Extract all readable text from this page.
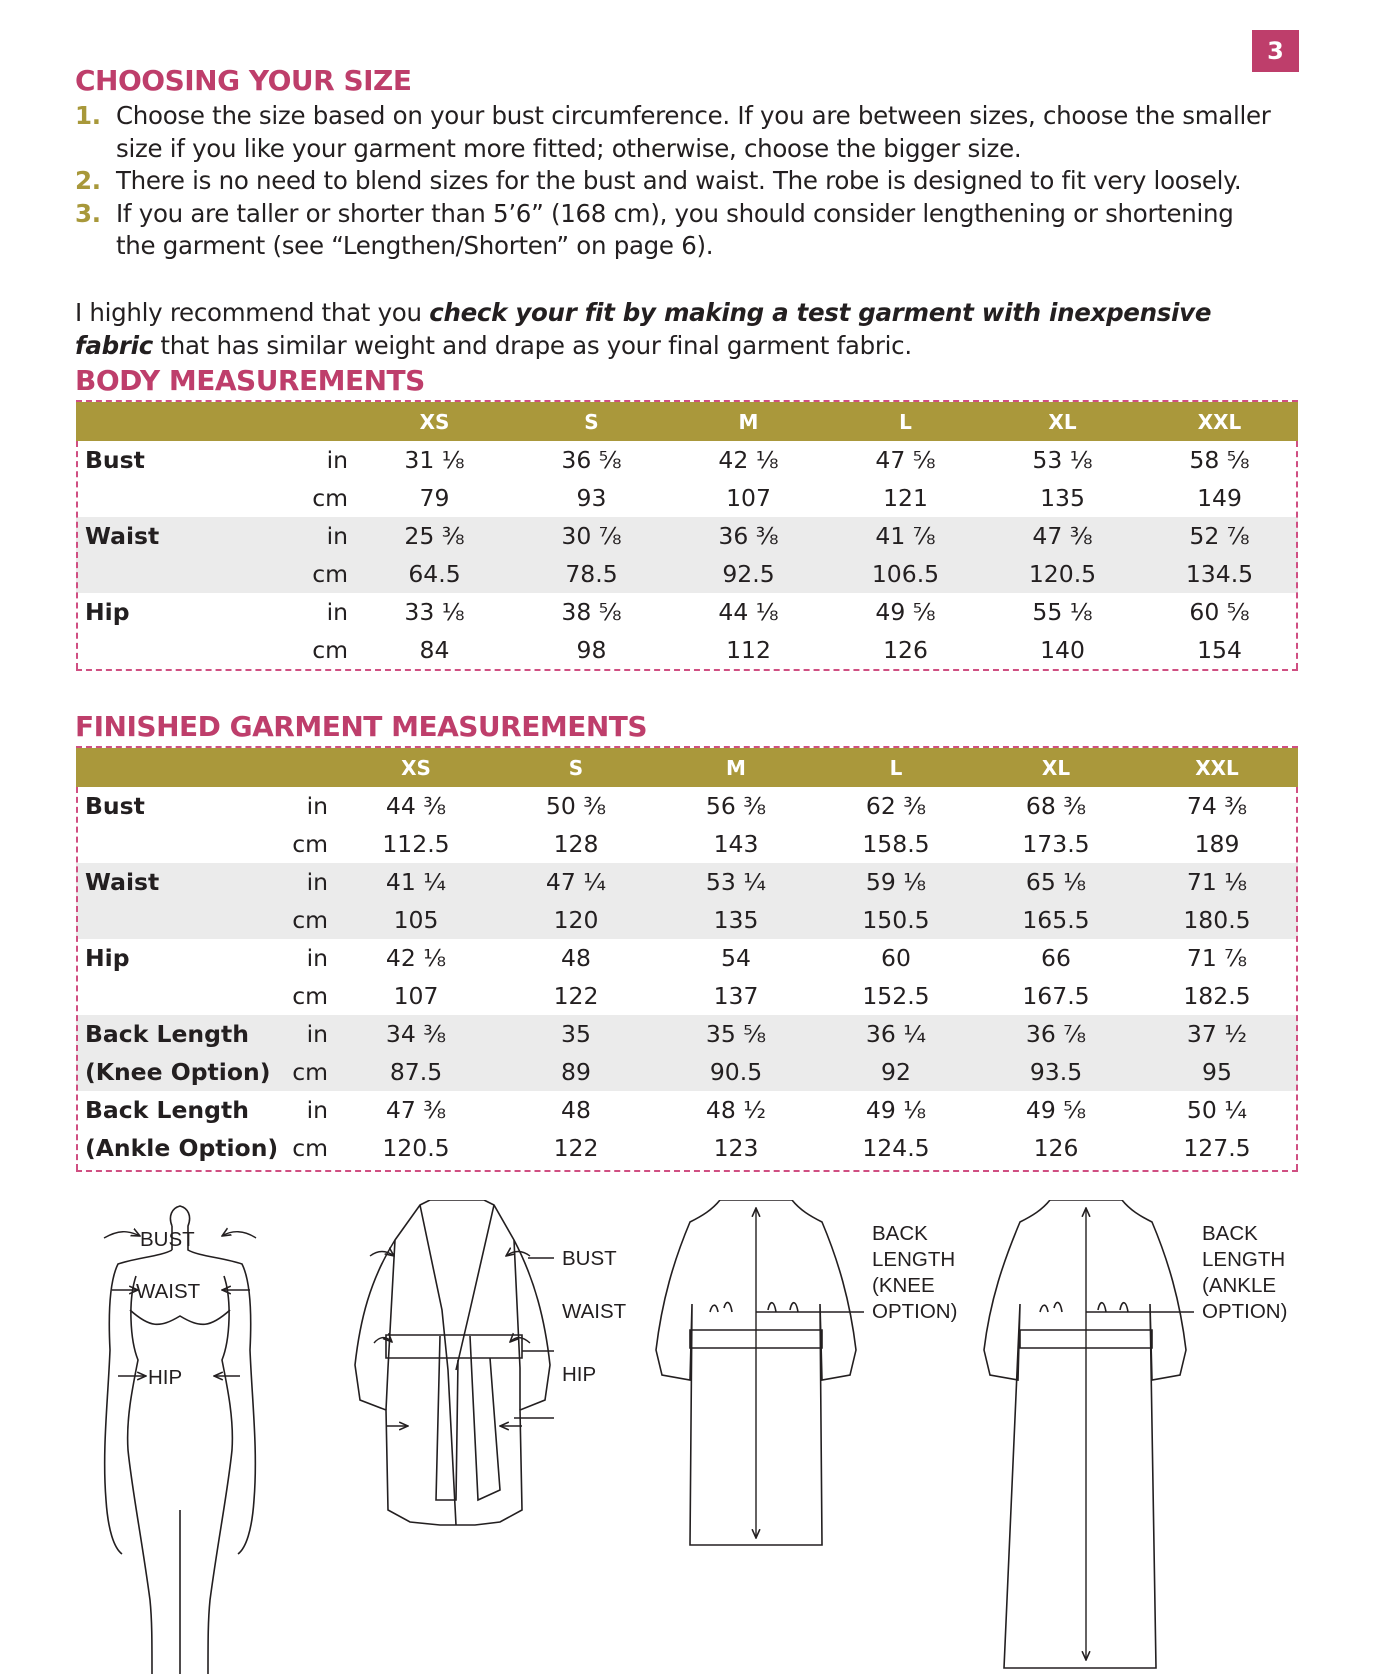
3
CHOOSING YOUR SIZE
1. Choose the size based on your bust circumference. If you are between sizes, choose the smaller size if you like your garment more fitted; otherwise, choose the bigger size.
2. There is no need to blend sizes for the bust and waist. The robe is designed to fit very loosely.
3. If you are taller or shorter than 5’6” (168 cm), you should consider lengthening or shortening the garment (see “Lengthen/Shorten” on page 6).

I highly recommend that you check your fit by making a test garment with inexpensive fabric that has similar weight and drape as your final garment fabric.

BODY MEASUREMENTS
		XS	S	M	L	XL	XXL
Bust	in	31 ⅛	36 ⅝	42 ⅛	47 ⅝	53 ⅛	58 ⅝
	cm	79	93	107	121	135	149
Waist	in	25 ⅜	30 ⅞	36 ⅜	41 ⅞	47 ⅜	52 ⅞
	cm	64.5	78.5	92.5	106.5	120.5	134.5
Hip	in	33 ⅛	38 ⅝	44 ⅛	49 ⅝	55 ⅛	60 ⅝
	cm	84	98	112	126	140	154
FINISHED GARMENT MEASUREMENTS
		XS	S	M	L	XL	XXL
Bust	in	44 ⅜	50 ⅜	56 ⅜	62 ⅜	68 ⅜	74 ⅜
	cm	112.5	128	143	158.5	173.5	189
Waist	in	41 ¼	47 ¼	53 ¼	59 ⅛	65 ⅛	71 ⅛
	cm	105	120	135	150.5	165.5	180.5
Hip	in	42 ⅛	48	54	60	66	71 ⅞
	cm	107	122	137	152.5	167.5	182.5
Back Length	in	34 ⅜	35	35 ⅝	36 ¼	36 ⅞	37 ½
(Knee Option)	cm	87.5	89	90.5	92	93.5	95
Back Length	in	47 ⅜	48	48 ½	49 ⅛	49 ⅝	50 ¼
(Ankle Option)	cm	120.5	122	123	124.5	126	127.5
BUST
WAIST
HIP
BUST
WAIST
HIP
BACK
LENGTH
(KNEE
OPTION)
BACK
LENGTH
(ANKLE
OPTION)
